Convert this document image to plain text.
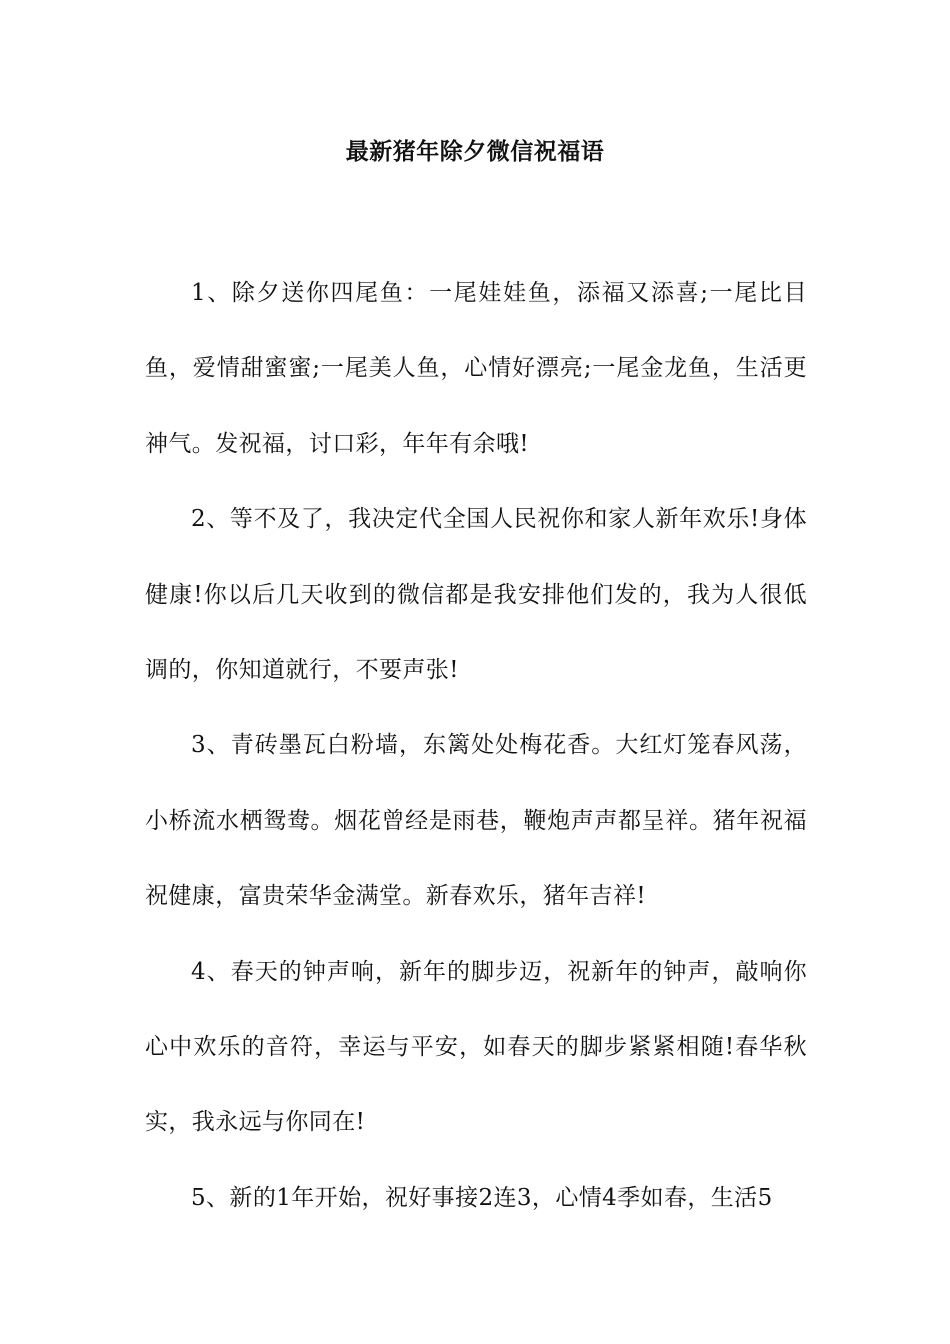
最新猪年除夕微信祝福语

1、除夕送你四尾鱼：一尾娃娃鱼，添福又添喜;一尾比目鱼，爱情甜蜜蜜;一尾美人鱼，心情好漂亮;一尾金龙鱼，生活更神气。发祝福，讨口彩，年年有余哦!

2、等不及了，我决定代全国人民祝你和家人新年欢乐!身体健康!你以后几天收到的微信都是我安排他们发的，我为人很低调的，你知道就行，不要声张!

3、青砖墨瓦白粉墙，东篱处处梅花香。大红灯笼春风荡，小桥流水栖鸳鸯。烟花曾经是雨巷，鞭炮声声都呈祥。猪年祝福祝健康，富贵荣华金满堂。新春欢乐，猪年吉祥!

4、春天的钟声响，新年的脚步迈，祝新年的钟声，敲响你心中欢乐的音符，幸运与平安，如春天的脚步紧紧相随!春华秋实，我永远与你同在!

5、新的1年开始，祝好事接2连3，心情4季如春，生活5
